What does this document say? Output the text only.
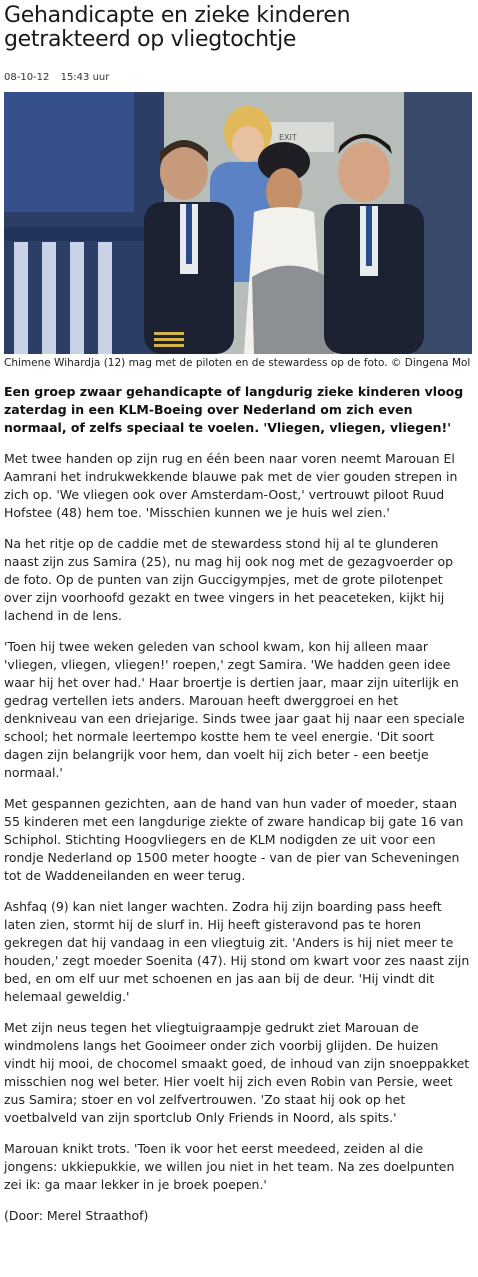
Gehandicapte en zieke kinderen getrakteerd op vliegtochtje
08-10-12 15:43 uur
EXIT
Chimene Wihardja (12) mag met de piloten en de stewardess op de foto. © Dingena Mol
Een groep zwaar gehandicapte of langdurig zieke kinderen vloog zaterdag in een KLM-Boeing over Nederland om zich even normaal, of zelfs speciaal te voelen. 'Vliegen, vliegen, vliegen!'

Met twee handen op zijn rug en één been naar voren neemt Marouan El Aamrani het indrukwekkende blauwe pak met de vier gouden strepen in zich op. 'We vliegen ook over Amsterdam-Oost,' vertrouwt piloot Ruud Hofstee (48) hem toe. 'Misschien kunnen we je huis wel zien.'

Na het ritje op de caddie met de stewardess stond hij al te glunderen naast zijn zus Samira (25), nu mag hij ook nog met de gezagvoerder op de foto. Op de punten van zijn Guccigympjes, met de grote pilotenpet over zijn voorhoofd gezakt en twee vingers in het peaceteken, kijkt hij lachend in de lens.

'Toen hij twee weken geleden van school kwam, kon hij alleen maar 'vliegen, vliegen, vliegen!' roepen,' zegt Samira. 'We hadden geen idee waar hij het over had.' Haar broertje is dertien jaar, maar zijn uiterlijk en gedrag vertellen iets anders. Marouan heeft dwerggroei en het denkniveau van een driejarige. Sinds twee jaar gaat hij naar een speciale school; het normale leertempo kostte hem te veel energie. 'Dit soort dagen zijn belangrijk voor hem, dan voelt hij zich beter - een beetje normaal.'

Met gespannen gezichten, aan de hand van hun vader of moeder, staan 55 kinderen met een langdurige ziekte of zware handicap bij gate 16 van Schiphol. Stichting Hoogvliegers en de KLM nodigden ze uit voor een rondje Nederland op 1500 meter hoogte - van de pier van Scheveningen tot de Waddeneilanden en weer terug.

Ashfaq (9) kan niet langer wachten. Zodra hij zijn boarding pass heeft laten zien, stormt hij de slurf in. Hij heeft gisteravond pas te horen gekregen dat hij vandaag in een vliegtuig zit. 'Anders is hij niet meer te houden,' zegt moeder Soenita (47). Hij stond om kwart voor zes naast zijn bed, en om elf uur met schoenen en jas aan bij de deur. 'Hij vindt dit helemaal geweldig.'

Met zijn neus tegen het vliegtuigraampje gedrukt ziet Marouan de windmolens langs het Gooimeer onder zich voorbij glijden. De huizen vindt hij mooi, de chocomel smaakt goed, de inhoud van zijn snoeppakket misschien nog wel beter. Hier voelt hij zich even Robin van Persie, weet zus Samira; stoer en vol zelfvertrouwen. 'Zo staat hij ook op het voetbalveld van zijn sportclub Only Friends in Noord, als spits.'

Marouan knikt trots. 'Toen ik voor het eerst meedeed, zeiden al die jongens: ukkiepukkie, we willen jou niet in het team. Na zes doelpunten zei ik: ga maar lekker in je broek poepen.'

(Door: Merel Straathof)
